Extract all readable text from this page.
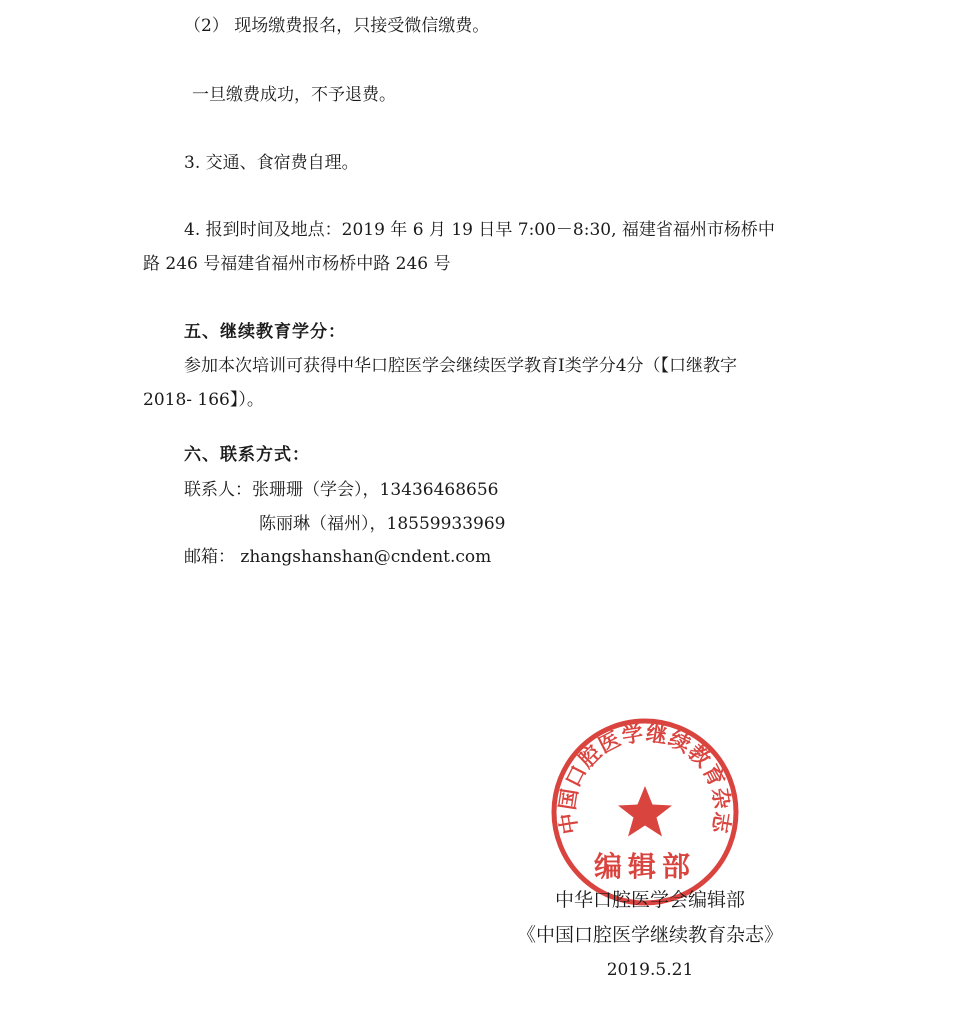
（2） 现场缴费报名，只接受微信缴费。
一旦缴费成功，不予退费。
3. 交通、食宿费自理。
4. 报到时间及地点：2019 年 6 月 19 日早 7:00－8:30, 福建省福州市杨桥中
路 246 号福建省福州市杨桥中路 246 号
五、继续教育学分：
参加本次培训可获得中华口腔医学会继续医学教育I类学分4分（【口继教字
2018- 166】）。
六、联系方式：
联系人：张珊珊（学会），13436468656
陈丽琳（福州），18559933969
邮箱： zhangshanshan@cndent.com
中国口腔医学继续教育杂志
编辑部
中华口腔医学会编辑部
《中国口腔医学继续教育杂志》
2019.5.21
